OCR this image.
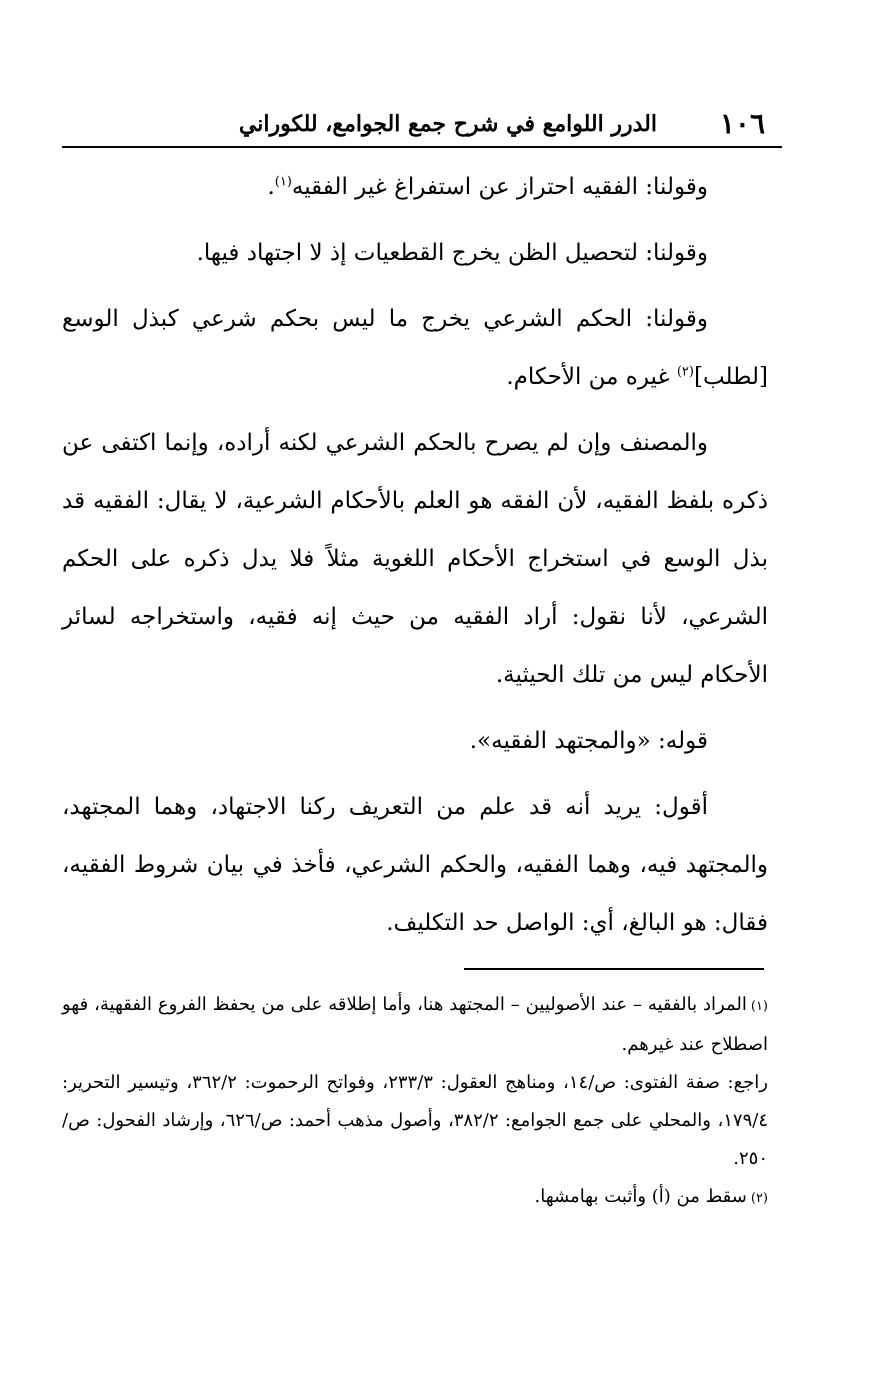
١٠٦
الدرر اللوامع في شرح جمع الجوامع، للكوراني

وقولنا: الفقيه احتراز عن استفراغ غير الفقيه$^{(١)}$.

وقولنا: لتحصيل الظن يخرج القطعيات إذ لا اجتهاد فيها.

وقولنا: الحكم الشرعي يخرج ما ليس بحكم شرعي كبذل الوسع [لطلب]$^{(٢)}$ غيره من الأحكام.

والمصنف وإن لم يصرح بالحكم الشرعي لكنه أراده، وإنما اكتفى عن ذكره بلفظ الفقيه، لأن الفقه هو العلم بالأحكام الشرعية، لا يقال: الفقيه قد بذل الوسع في استخراج الأحكام اللغوية مثلاً فلا يدل ذكره على الحكم الشرعي، لأنا نقول: أراد الفقيه من حيث إنه فقيه، واستخراجه لسائر الأحكام ليس من تلك الحيثية.

قوله: «والمجتهد الفقيه».

أقول: يريد أنه قد علم من التعريف ركنا الاجتهاد، وهما المجتهد، والمجتهد فيه، وهما الفقيه، والحكم الشرعي، فأخذ في بيان شروط الفقيه، فقال: هو البالغ، أي: الواصل حد التكليف.

(١)المراد بالفقيه – عند الأصوليين – المجتهد هنا، وأما إطلاقه على من يحفظ الفروع الفقهية، فهو اصطلاح عند غيرهم.

راجع: صفة الفتوى: ص/١٤، ومناهج العقول: ٢٣٣/٣، وفواتح الرحموت: ٣٦٢/٢، وتيسير التحرير: ١٧٩/٤، والمحلي على جمع الجوامع: ٣٨٢/٢، وأصول مذهب أحمد: ص/٦٢٦، وإرشاد الفحول: ص/٢٥٠.

(٢)سقط من (أ) وأثبت بهامشها.
